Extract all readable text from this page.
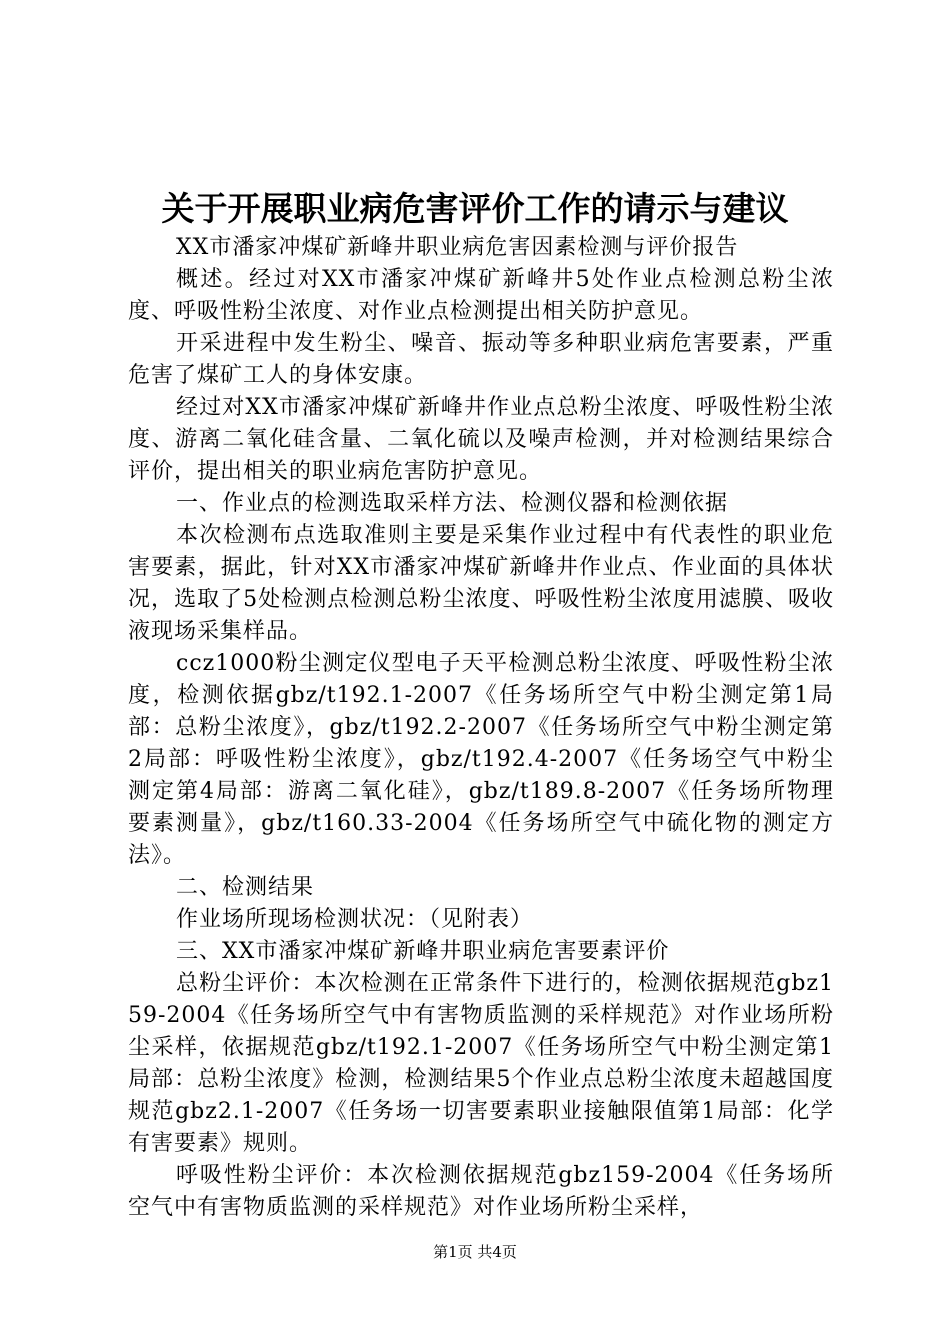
关于开展职业病危害评价工作的请示与建议

XX市潘家冲煤矿新峰井职业病危害因素检测与评价报告

概述。经过对XX市潘家冲煤矿新峰井5处作业点检测总粉尘浓度、呼吸性粉尘浓度、对作业点检测提出相关防护意见。

开采进程中发生粉尘、噪音、振动等多种职业病危害要素，严重危害了煤矿工人的身体安康。

经过对XX市潘家冲煤矿新峰井作业点总粉尘浓度、呼吸性粉尘浓度、游离二氧化硅含量、二氧化硫以及噪声检测，并对检测结果综合评价，提出相关的职业病危害防护意见。

一、作业点的检测选取采样方法、检测仪器和检测依据

本次检测布点选取准则主要是采集作业过程中有代表性的职业危害要素，据此，针对XX市潘家冲煤矿新峰井作业点、作业面的具体状况，选取了5处检测点检测总粉尘浓度、呼吸性粉尘浓度用滤膜、吸收液现场采集样品。

ccz1000粉尘测定仪型电子天平检测总粉尘浓度、呼吸性粉尘浓度，检测依据gbz/t192.1-2007《任务场所空气中粉尘测定第1局部：总粉尘浓度》，gbz/t192.2-2007《任务场所空气中粉尘测定第2局部：呼吸性粉尘浓度》，gbz/t192.4-2007《任务场空气中粉尘测定第4局部：游离二氧化硅》，gbz/t189.8-2007《任务场所物理要素测量》，gbz/t160.33-2004《任务场所空气中硫化物的测定方法》。

二、检测结果

作业场所现场检测状况：（见附表）

三、XX市潘家冲煤矿新峰井职业病危害要素评价

总粉尘评价：本次检测在正常条件下进行的，检测依据规范gbz159-2004《任务场所空气中有害物质监测的采样规范》对作业场所粉尘采样，依据规范gbz/t192.1-2007《任务场所空气中粉尘测定第1局部：总粉尘浓度》检测，检测结果5个作业点总粉尘浓度未超越国度规范gbz2.1-2007《任务场一切害要素职业接触限值第1局部：化学有害要素》规则。

呼吸性粉尘评价：本次检测依据规范gbz159-2004《任务场所空气中有害物质监测的采样规范》对作业场所粉尘采样，

第1页 共4页
